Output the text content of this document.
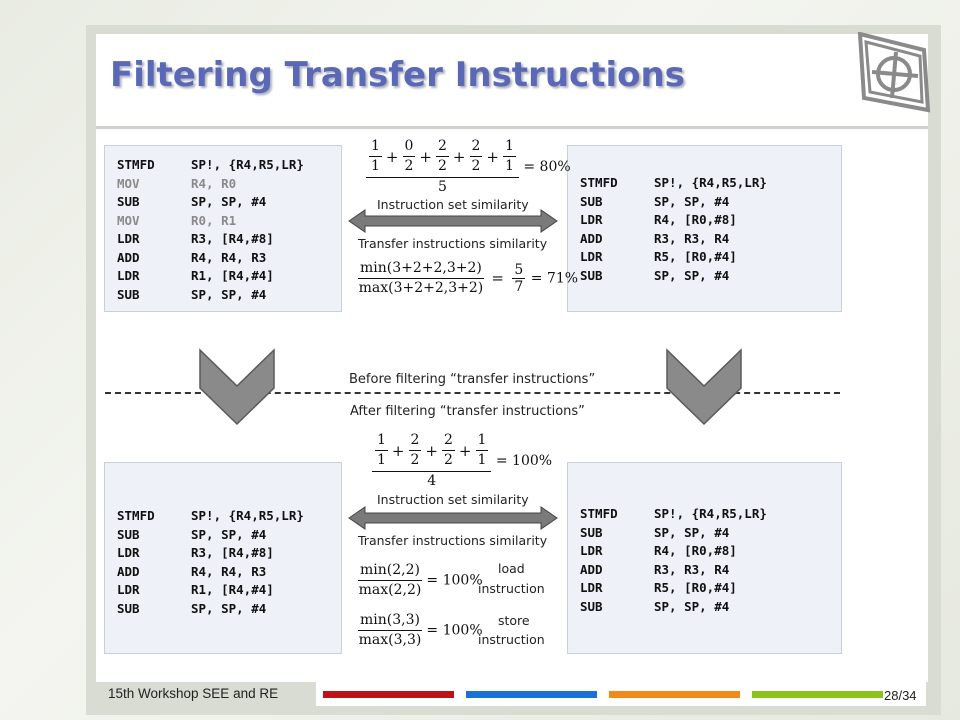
Filtering Transfer Instructions
STMFD	SP!, {R4,R5,LR}
MOV	R4, R0
SUB	SP, SP, #4
MOV	R0, R1
LDR	R3, [R4,#8]
ADD	R4, R4, R3
LDR	R1, [R4,#4]
SUB	SP, SP, #4
STMFD	SP!, {R4,R5,LR}
SUB	SP, SP, #4
LDR	R4, [R0,#8]
ADD	R3, R3, R4
LDR	R5, [R0,#4]
SUB	SP, SP, #4
1
1
+ $\frac{0}{2} + \frac{2}{2} + \frac{2}{2} + \frac{1}{1}$
5 = 80%
Instruction set similarity
Transfer instructions similarity
min(3+2+2,3+2)
max(3+2+2,3+2)
= $\frac{5}{7} = 71\%$
Before filtering “transfer instructions”
After filtering “transfer instructions”
STMFD	SP!, {R4,R5,LR}
SUB	SP, SP, #4
LDR	R3, [R4,#8]
ADD	R4, R4, R3
LDR	R1, [R4,#4]
SUB	SP, SP, #4
STMFD	SP!, {R4,R5,LR}
SUB	SP, SP, #4
LDR	R4, [R0,#8]
ADD	R3, R3, R4
LDR	R5, [R0,#4]
SUB	SP, SP, #4
1
1
+ $\frac{2}{2} + \frac{2}{2} + \frac{1}{1}$
4 = 100%
Instruction set similarity
Transfer instructions similarity
min(2,2)
max(2,2)
= 100%
load
instruction
min(3,3)
max(3,3)
= 100%
store
instruction
15th Workshop SEE and RE	28/34
